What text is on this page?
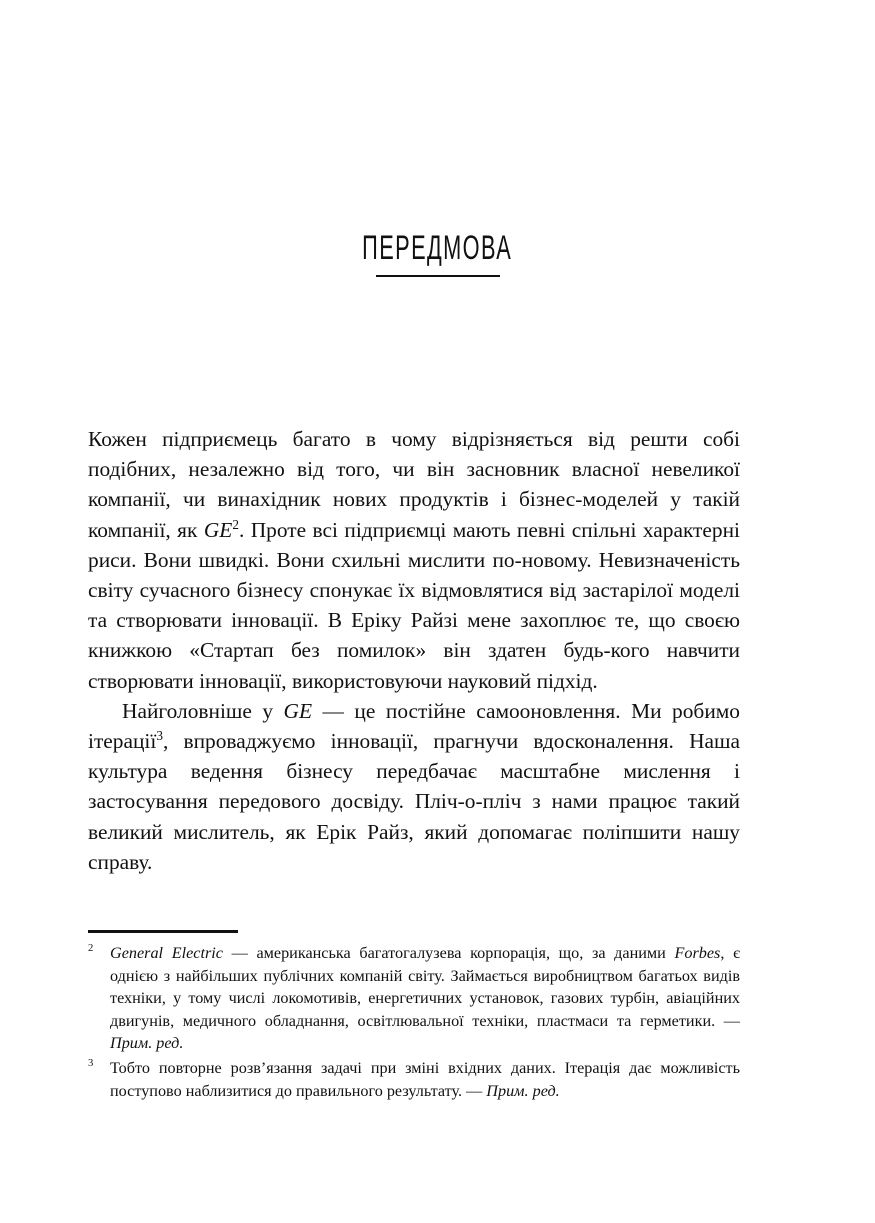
ПЕРЕДМОВА

Кожен підприємець багато в чому відрізняється від решти собі подібних, незалежно від того, чи він засновник власної невеликої компанії, чи винахідник нових продуктів і бізнес-моделей у такій компанії, як GE$^2$. Проте всі підприємці мають певні спільні характерні риси. Вони швидкі. Вони схильні мислити по-новому. Невизначеність світу сучасного бізнесу спонукає їх відмовлятися від застарілої моделі та створювати інновації. В Еріку Райзі мене захоплює те, що своєю книжкою «Стартап без помилок» він здатен будь-кого навчити створювати інновації, використовуючи науковий підхід.

Найголовніше у GE — це постійне самооновлення. Ми робимо ітерації$^3$, впроваджуємо інновації, прагнучи вдосконалення. Наша культура ведення бізнесу передбачає масштабне мислення і застосування передового досвіду. Пліч-о-пліч з нами працює такий великий мислитель, як Ерік Райз, який допомагає поліпшити нашу справу.

2 General Electric — американська багатогалузева корпорація, що, за даними Forbes, є однією з найбільших публічних компаній світу. Займається виробництвом багатьох видів техніки, у тому числі локомотивів, енергетичних установок, газових турбін, авіаційних двигунів, медичного обладнання, освітлювальної техніки, пластмаси та герметики. — Прим. ред.

3 Тобто повторне розв’язання задачі при зміні вхідних даних. Ітерація дає можливість поступово наблизитися до правильного результату. — Прим. ред.
